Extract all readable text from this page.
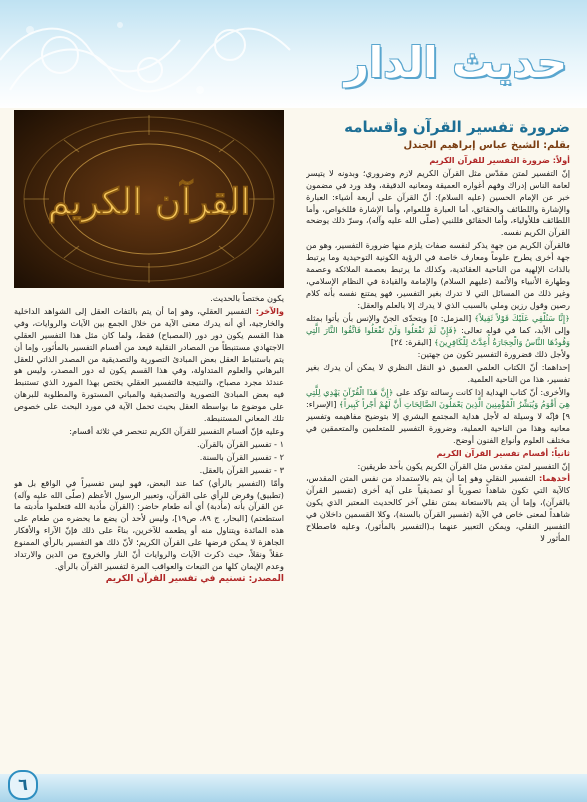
حديث الدار
ضرورة تفسير القرآن وأقسامه
بقلم: الشيخ عباس إبراهيم الجندل

أولاً: ضرورة التفسير للقرآن الكريم

إنّ التفسير لمتن مقدّس مثل القرآن الكريم لازم وضروري؛ وبدونه لا يتيسر لعامة الناس إدراك وفهم أغواره العميقة ومعانيه الدقيقة، وقد ورد في مضمون خبر عن الإمام الحسين (عليه السلام): أنّ القرآن على أربعة أشياء: العبارة والإشارة واللطائف والحقائق، أما العبارة فللعوام، وأما الإشارة فللخواص، وأما اللطائف فللأولياء، وأما الحقائق فللنبي (صلّى الله عليه وآله)، وسرّ ذلك يوضحه القرآن الكريم نفسه.

فالقرآن الكريم من جهة يذكر لنفسه صفات يلزم منها ضرورة التفسير، وهو من جهة أخرى يطرح علوماً ومعارف خاصة في الرؤية الكونية التوحيدية وما يرتبط بالذات الإلهية من الناحية العقائدية، وكذلك ما يرتبط بعصمة الملائكة وعصمة وطهارة الأنبياء والأئمة (عليهم السلام) والإمامة والقيادة في النظام الإسلامي، وغير ذلك من المسائل التي لا تدرك بغير التفسير، فهو يمتنع نفسه بأنه كلام رصين وقول رزين وملي بالسبب الذي لا يدرك إلا بالعلم والعقل:

﴿إِنَّا سَنُلْقِي عَلَيْكَ قَوْلاً ثَقِيلاً﴾ [المزمل: ٥] ويتحدّى الجنّ والإنس بأن يأتوا بمثله وإلى الأبد، كما في قوله تعالى: ﴿فَإِنْ لَمْ تَفْعَلُوا وَلَنْ تَفْعَلُوا فَاتَّقُوا النَّارَ الَّتِي وَقُودُهَا النَّاسُ وَالْحِجَارَةُ أُعِدَّتْ لِلْكَافِرِينَ﴾ [البقرة: ٢٤]

ولأجل ذلك فضرورة التفسير تكون من جهتين:

إحداهما: أنّ الكتاب العلمي العميق ذو النقل النظري لا يمكن أن يدرك بغير تفسير، هذا من الناحية العلمية.

والأخرى: أنّ كتاب الهداية إذا كانت رسالته تؤكد على ﴿إِنَّ هَذَا الْقُرْآنَ يَهْدِي لِلَّتِي هِيَ أَقْوَمُ وَيُبَشِّرُ الْمُؤْمِنِينَ الَّذِينَ يَعْمَلُونَ الصَّالِحَاتِ أَنَّ لَهُمْ أَجْراً كَبِيراً﴾ [الإسراء: ٩] فإنّه لا وسيلة له لأجل هداية المجتمع البشري إلا بتوضيح مفاهيمه وتفسير معانيه وهذا من الناحية العملية، وضرورة التفسير للمتعلمين والمتعمقين في مختلف العلوم وأنواع الفنون أوضح.

ثانياً: أقسام تفسير القرآن الكريم

إنّ التفسير لمتن مقدس مثل القرآن الكريم يكون بأحد طريقين:

أحدهما: التفسير النقلي وهو إما أن يتم بالاستمداد من نفس المتن المقدس، كالآية التي تكون شاهداً تصورياً أو تصديقياً على آية أخرى (تفسير القرآن بالقرآن)، وإما أن يتم بالاستعانة بمتن نقلي آخر كالحديث المعتبر الذي يكون شاهداً لمعنى خاص في الآية (تفسير القرآن بالسنة)، وكلا القسمين داخلان في التفسير النقلي، ويمكن التعبير عنهما بـ(التفسير بالمأثور)، وعليه فاصطلاح المأثور لا

القرآن الكريم

يكون مختصاً بالحديث.

والآخر: التفسير العقلي، وهو إما أن يتم بالتفات العقل إلى الشواهد الداخلية والخارجية، أي أنه يدرك معنى الآية من خلال الجمع بين الآيات والروايات، وفي هذا القسم يكون دور دور (المصباح) فقط، ولما كان مثل هذا التفسير العقلي الاجتهادي مستنبطاً من المصادر النقلية فيعد من أقسام التفسير بالمأثور، وإما أن يتم باستنباط العقل بعض المبادئ التصورية والتصديقية من المصدر الذاتي للعقل البرهاني والعلوم المتداولة، وفي هذا القسم يكون له دور المصدر، وليس هو عندئذ مجرد مصباح، والنتيجة فالتفسير العقلي يختص بهذا المورد الذي تستنبط فيه بعض المبادئ التصورية والتصديقية والمباني المستورة والمطلوبة للبرهان على موضوع ما بواسطة العقل بحيث تحمل الآية في مورد البحث على خصوص تلك المعاني المستنبطة.

وعليه فإنّ أقسام التفسير للقرآن الكريم تنحصر في ثلاثة أقسام:

١ - تفسير القرآن بالقرآن.

٢ - تفسير القرآن بالسنة.

٣ - تفسير القرآن بالعقل.

وأمّا (التفسير بالرأي) كما عند البعض، فهو ليس تفسيراً في الواقع بل هو (تطبيق) وفرض للرأي على القرآن، وتعبير الرسول الأعظم (صلّى الله عليه وآله) عن القرآن بأنه (مأدبة) أي أنه طعام حاضر: (القرآن مأدبة الله فتعلموا مأدبته ما استطعتم) [البحار، ج ٨٩، ص١٩]، وليس لأحد أن يضع ما يحضره من طعام على هذه المائدة ويتناول منه أو يطعمه للآخرين، بناءً على ذلك فإنّ الآراء والأفكار الجاهزة لا يمكن فرضها على القرآن الكريم؛ لأنّ ذلك هو التفسير بالرأي الممنوع عقلاً ونقلاً، حيث ذكرت الآيات والروايات أنّ النار والخروج من الدين والارتداد وعدم الإيمان كلها من التبعات والعواقب المرة لتفسير القرآن بالرأي.

المصدر: تسنيم في تفسير القرآن الكريم

٦
